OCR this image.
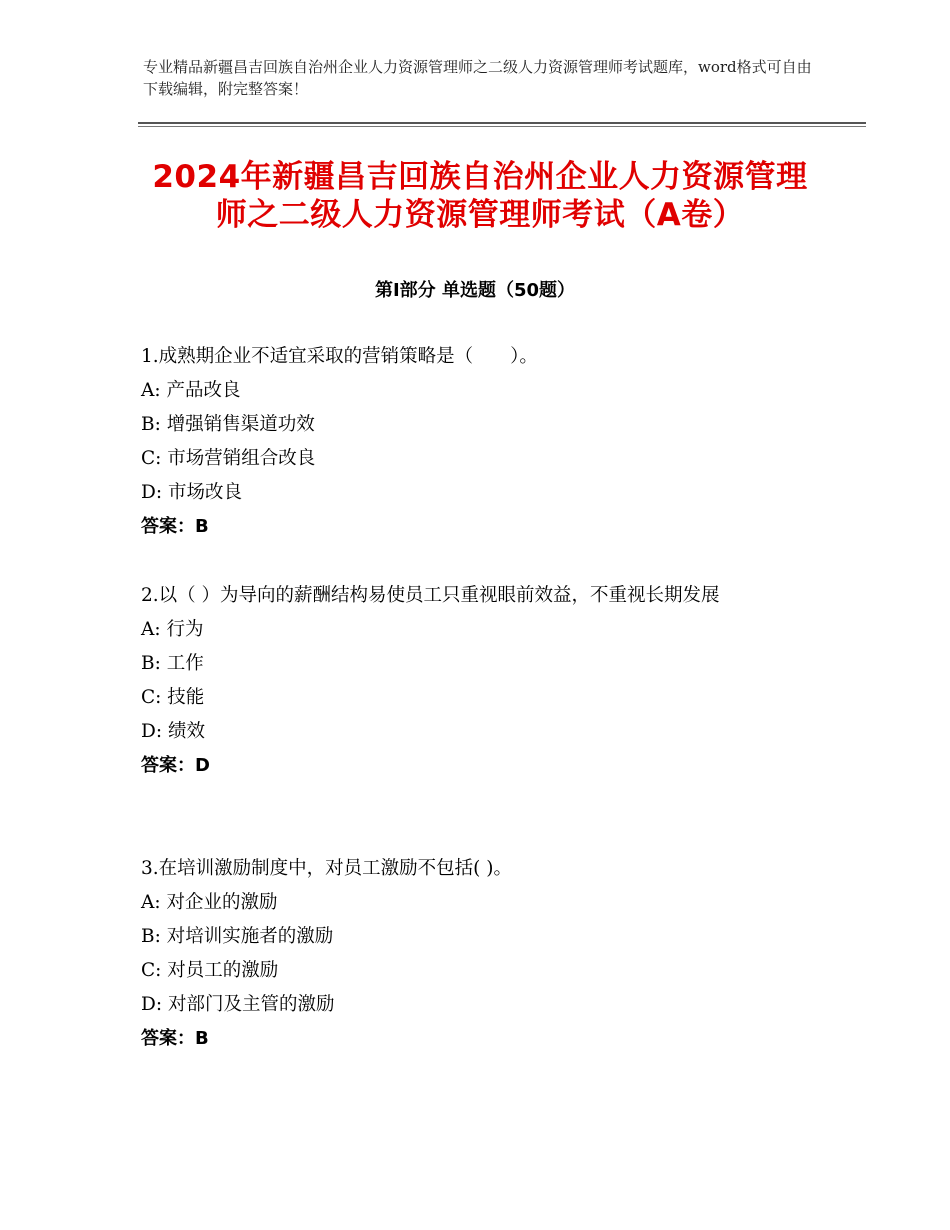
专业精品新疆昌吉回族自治州企业人力资源管理师之二级人力资源管理师考试题库，word格式可自由下载编辑，附完整答案！
2024年新疆昌吉回族自治州企业人力资源管理师之二级人力资源管理师考试（A卷）
第Ⅰ部分 单选题（50题）
1.成熟期企业不适宜采取的营销策略是（　　）。
A: 产品改良
B: 增强销售渠道功效
C: 市场营销组合改良
D: 市场改良
答案：B
2.以（ ）为导向的薪酬结构易使员工只重视眼前效益，不重视长期发展
A: 行为
B: 工作
C: 技能
D: 绩效
答案：D
3.在培训激励制度中，对员工激励不包括( )。
A: 对企业的激励
B: 对培训实施者的激励
C: 对员工的激励
D: 对部门及主管的激励
答案：B
